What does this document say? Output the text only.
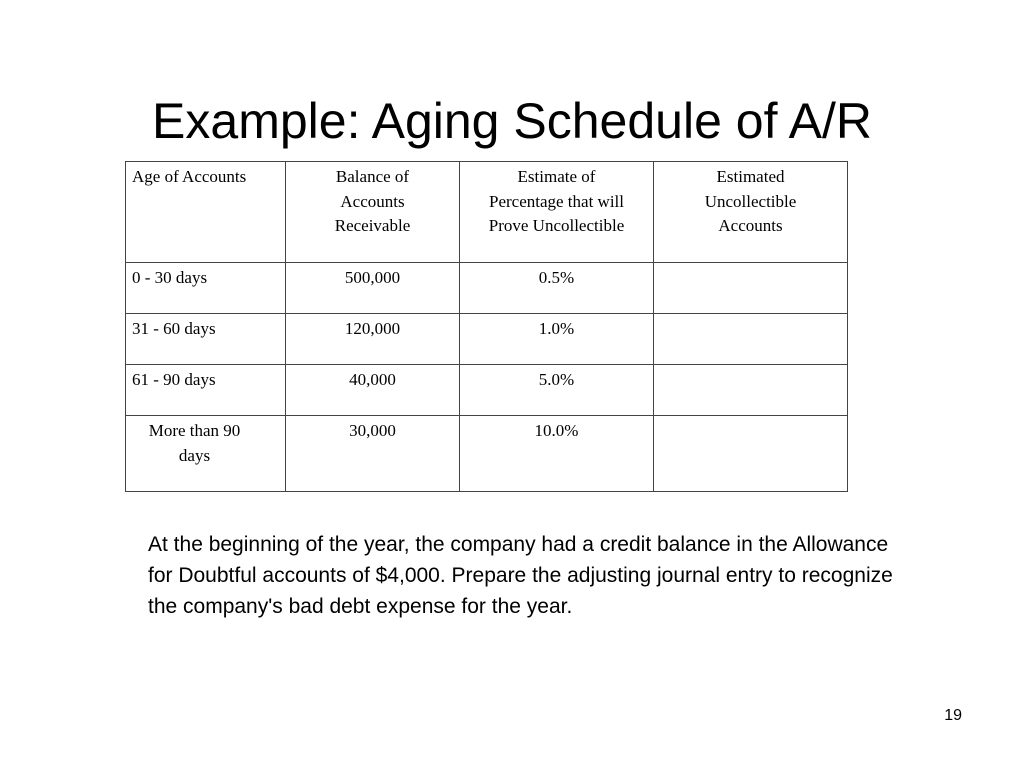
Example: Aging Schedule of A/R
Age of Accounts	Balance of Accounts Receivable	Estimate of Percentage that will Prove Uncollectible	Estimated Uncollectible Accounts
0 - 30 days	500,000	0.5%	
31 - 60 days	120,000	1.0%	
61 - 90 days	40,000	5.0%	
More than 90 days	30,000	10.0%	

At the beginning of the year, the company had a credit balance in the Allowance for Doubtful accounts of $4,000. Prepare the adjusting journal entry to recognize the company's bad debt expense for the year.

19
